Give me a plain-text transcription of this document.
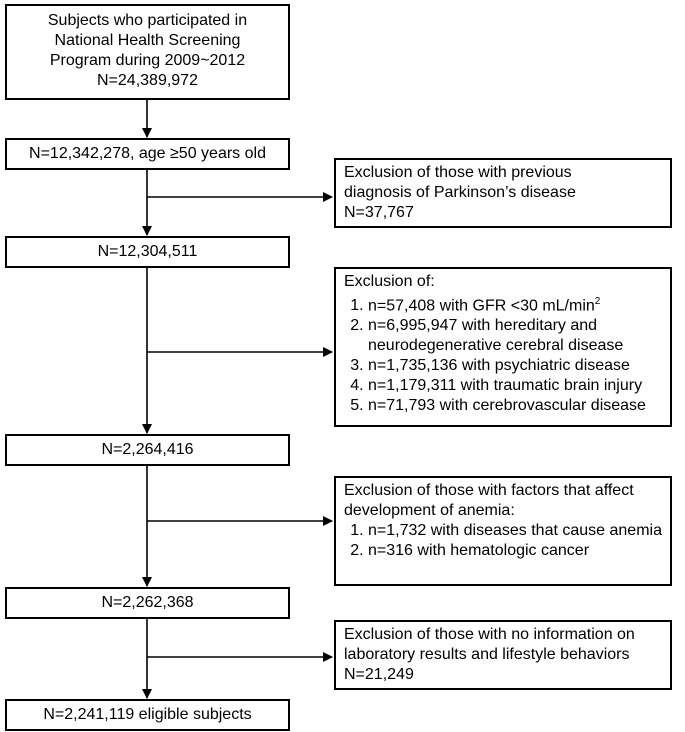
Subjects who participated in
National Health Screening
Program during 2009~2012
N=24,389,972
N=12,342,278, age ≥50 years old
N=12,304,511
N=2,264,416
N=2,262,368
N=2,241,119 eligible subjects
Exclusion of those with previous
diagnosis of Parkinson’s disease
N=37,767
Exclusion of:
1. n=57,408 with GFR <30 $mL/\min^2$
2. n=6,995,947 with hereditary and neurodegenerative cerebral disease
3. n=1,735,136 with psychiatric disease
4. n=1,179,311 with traumatic brain injury
5. n=71,793 with cerebrovascular disease
Exclusion of those with factors that affect
development of anemia:
1. n=1,732 with diseases that cause anemia
2. n=316 with hematologic cancer
Exclusion of those with no information on
laboratory results and lifestyle behaviors
N=21,249
